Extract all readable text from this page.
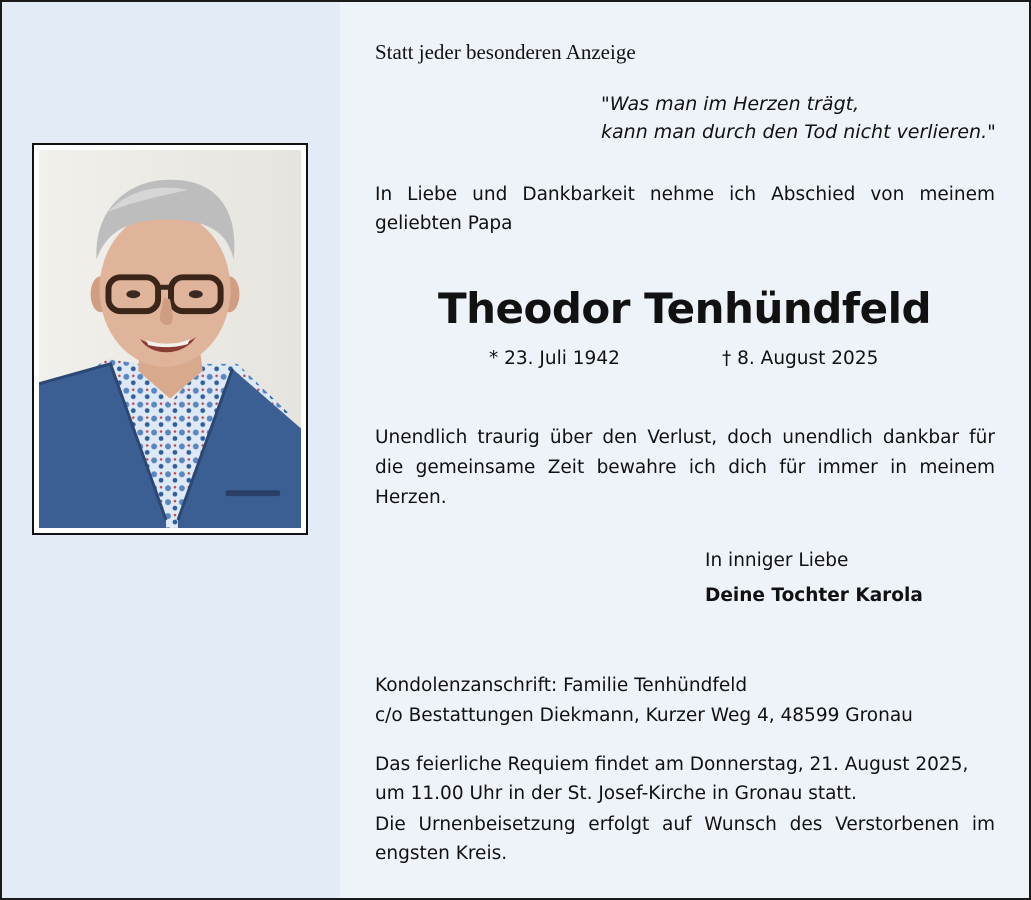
Statt jeder besonderen Anzeige

"Was man im Herzen trägt,
kann man durch den Tod nicht verlieren."

In Liebe und Dankbarkeit nehme ich Abschied von meinem geliebten Papa

Theodor Tenhündfeld
* 23. Juli 1942	† 8. August 2025

Unendlich traurig über den Verlust, doch unendlich dankbar für die gemeinsame Zeit bewahre ich dich für immer in meinem Herzen.

In inniger Liebe
Deine Tochter Karola
Kondolenzanschrift: Familie Tenhündfeld
c/o Bestattungen Diekmann, Kurzer Weg 4, 48599 Gronau
Das feierliche Requiem findet am Donnerstag, 21. August 2025,
um 11.00 Uhr in der St. Josef-Kirche in Gronau statt.

Die Urnenbeisetzung erfolgt auf Wunsch des Verstorbenen im engsten Kreis.
